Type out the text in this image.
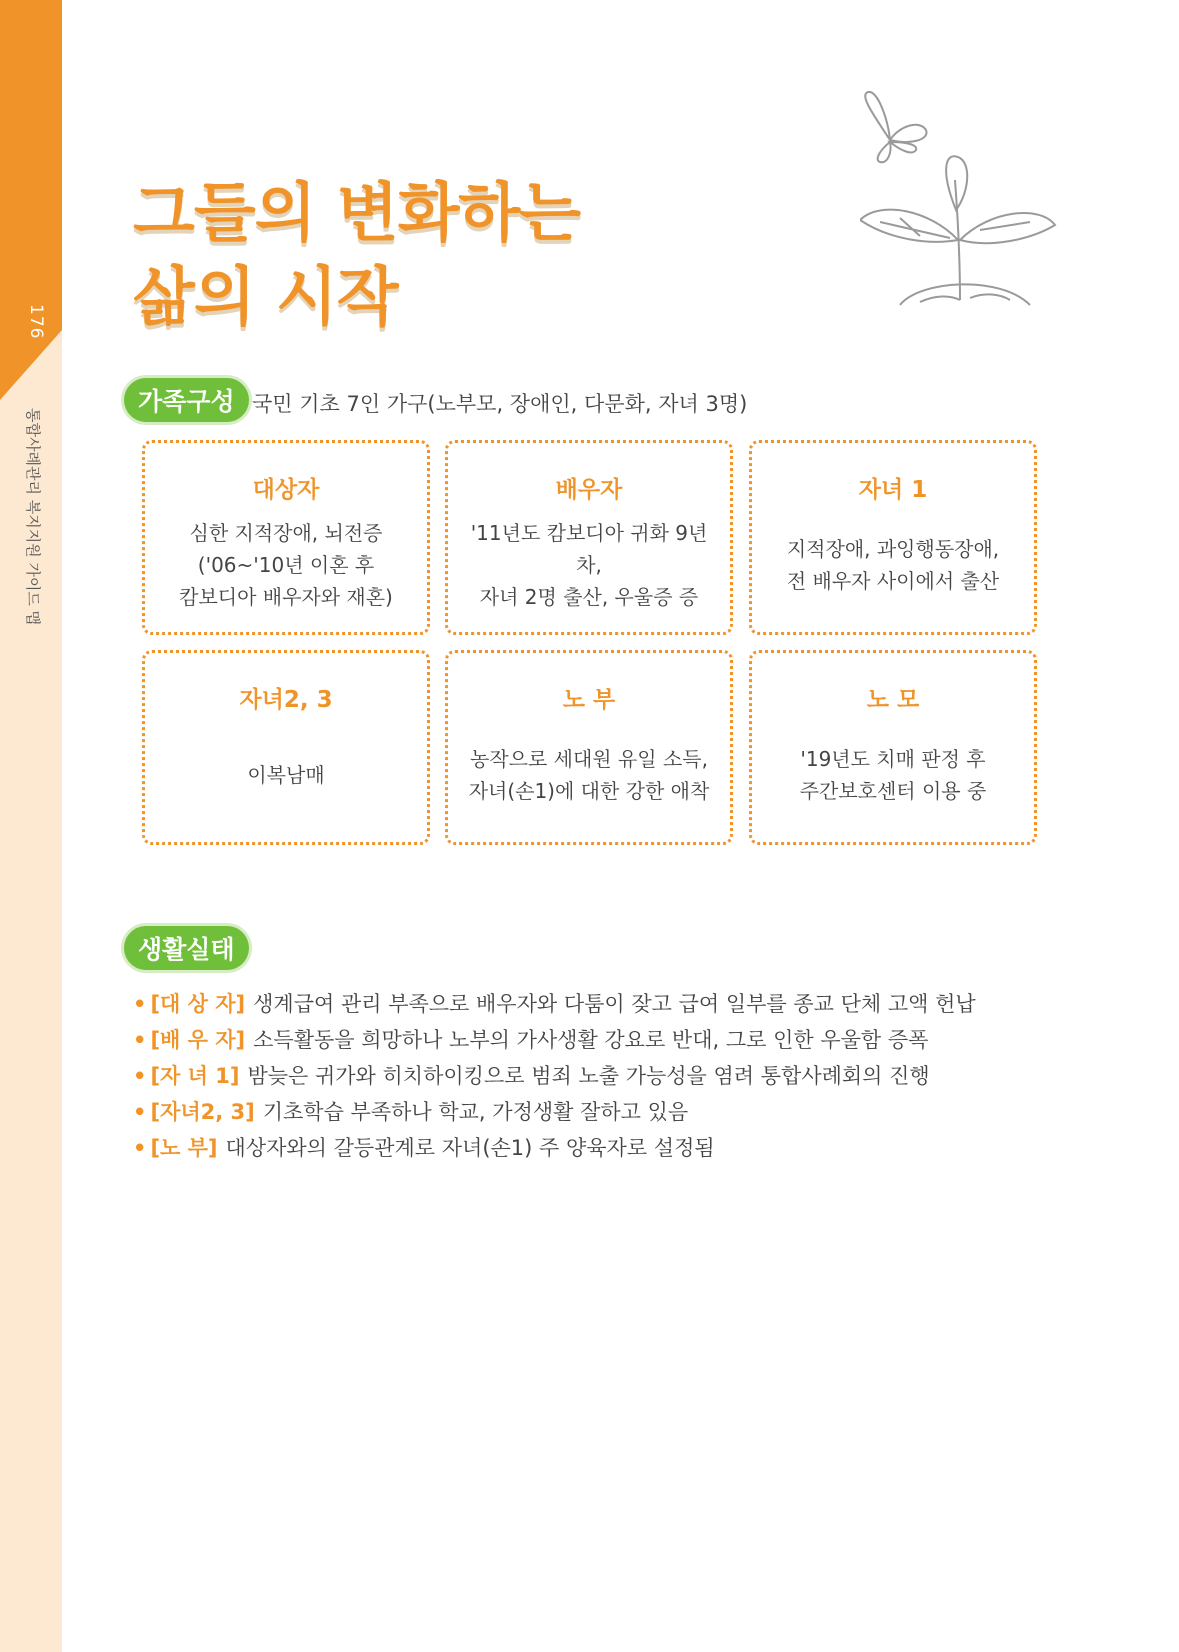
176
통합사례관리 복지지원 가이드 맵
그들의 변화하는
삶의 시작
가족구성 국민 기초 7인 가구(노부모, 장애인, 다문화, 자녀 3명)
대상자
심한 지적장애, 뇌전증
('06~'10년 이혼 후
캄보디아 배우자와 재혼)
배우자
'11년도 캄보디아 귀화 9년 차,
자녀 2명 출산, 우울증 증
자녀 1
지적장애, 과잉행동장애,
전 배우자 사이에서 출산
자녀2, 3
이복남매
노 부
농작으로 세대원 유일 소득,
자녀(손1)에 대한 강한 애착
노 모
'19년도 치매 판정 후
주간보호센터 이용 중
생활실태
• [대 상 자] 생계급여 관리 부족으로 배우자와 다툼이 잦고 급여 일부를 종교 단체 고액 헌납
• [배 우 자] 소득활동을 희망하나 노부의 가사생활 강요로 반대, 그로 인한 우울함 증폭
• [자 녀 1] 밤늦은 귀가와 히치하이킹으로 범죄 노출 가능성을 염려 통합사례회의 진행
• [자녀2, 3] 기초학습 부족하나 학교, 가정생활 잘하고 있음
• [노 부] 대상자와의 갈등관계로 자녀(손1) 주 양육자로 설정됨
